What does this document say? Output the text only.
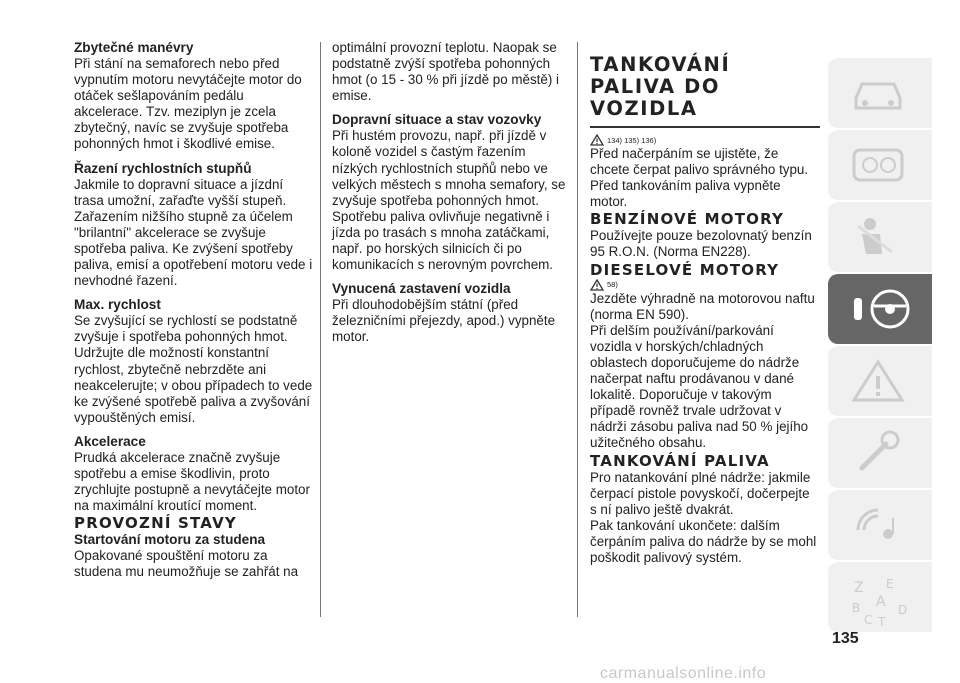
Zbytečné manévry

Při stání na semaforech nebo před vypnutím motoru nevytáčejte motor do otáček sešlapováním pedálu akcelerace. Tzv. meziplyn je zcela zbytečný, navíc se zvyšuje spotřeba pohonných hmot i škodlivé emise.

Řazení rychlostních stupňů

Jakmile to dopravní situace a jízdní trasa umožní, zařaďte vyšší stupeň. Zařazením nižšího stupně za účelem "brilantní" akcelerace se zvyšuje spotřeba paliva. Ke zvýšení spotřeby paliva, emisí a opotřebení motoru vede i nevhodné řazení.

Max. rychlost

Se zvyšující se rychlostí se podstatně zvyšuje i spotřeba pohonných hmot. Udržujte dle možností konstantní rychlost, zbytečně nebrzděte ani neakcelerujte; v obou případech to vede ke zvýšené spotřebě paliva a zvyšování vypouštěných emisí.

Akcelerace

Prudká akcelerace značně zvyšuje spotřebu a emise škodlivin, proto zrychlujte postupně a nevytáčejte motor na maximální kroutící moment.

PROVOZNÍ STAVY
Startování motoru za studena

Opakované spouštění motoru za studena mu neumožňuje se zahřát na

optimální provozní teplotu. Naopak se podstatně zvýší spotřeba pohonných hmot (o 15 - 30 % při jízdě po městě) i emise.

Dopravní situace a stav vozovky

Při hustém provozu, např. při jízdě v koloně vozidel s častým řazením nízkých rychlostních stupňů nebo ve velkých městech s mnoha semafory, se zvyšuje spotřeba pohonných hmot. Spotřebu paliva ovlivňuje negativně i jízda po trasách s mnoha zatáčkami, např. po horských silnicích či po komunikacích s nerovným povrchem.

Vynucená zastavení vozidla

Při dlouhodobějším státní (před železničními přejezdy, apod.) vypněte motor.

TANKOVÁNÍ PALIVA DO VOZIDLA
134) 135) 136)

Před načerpáním se ujistěte, že chcete čerpat palivo správného typu.

Před tankováním paliva vypněte motor.

BENZÍNOVÉ MOTORY

Používejte pouze bezolovnatý benzín 95 R.O.N. (Norma EN228).

DIESELOVÉ MOTORY
58)

Jezděte výhradně na motorovou naftu (norma EN 590).

Při delším používání/parkování vozidla v horských/chladných oblastech doporučujeme do nádrže načerpat naftu prodávanou v dané lokalitě. Doporučuje v takovým případě rovněž trvale udržovat v nádrži zásobu paliva nad 50 % jejího užitečného obsahu.

TANKOVÁNÍ PALIVA

Pro natankování plné nádrže: jakmile čerpací pistole povyskočí, dočerpejte s ní palivo ještě dvakrát.

Pak tankování ukončete: dalším čerpáním paliva do nádrže by se mohl poškodit palivový systém.

Z E
B A
C T
D
135
carmanualsonline.info
